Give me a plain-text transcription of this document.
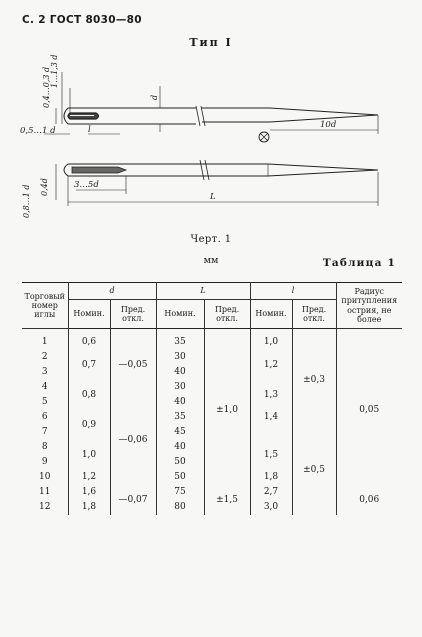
С. 2 ГОСТ 8030—80
Тип I
0,4…0,3 d 1…1,3 d
d
l
0,5…1 d
10d
0,8…1 d 0,4d	3…5d
L
Черт. 1
мм	Таблица 1
Торговый номер иглы	d		L		l		Радиус притупления острия, не более
	Номин.	Пред. откл.	Номин.	Пред. откл.	Номин.	Пред. откл.	

1	0,6	—0,05	35	±1,0	1,0	±0,3	0,05
2	0,7		30		1,2		
3			40				
4	0,8		30		1,3		
5		—0,06	40				
6	0,9		35		1,4		
7			45			±0,5	
8	1,0		40		1,5		
9			50				
10	1,2		50		1,8		
11	1,6	—0,07	75	±1,5	2,7		0,06
12	1,8		80		3,0		
